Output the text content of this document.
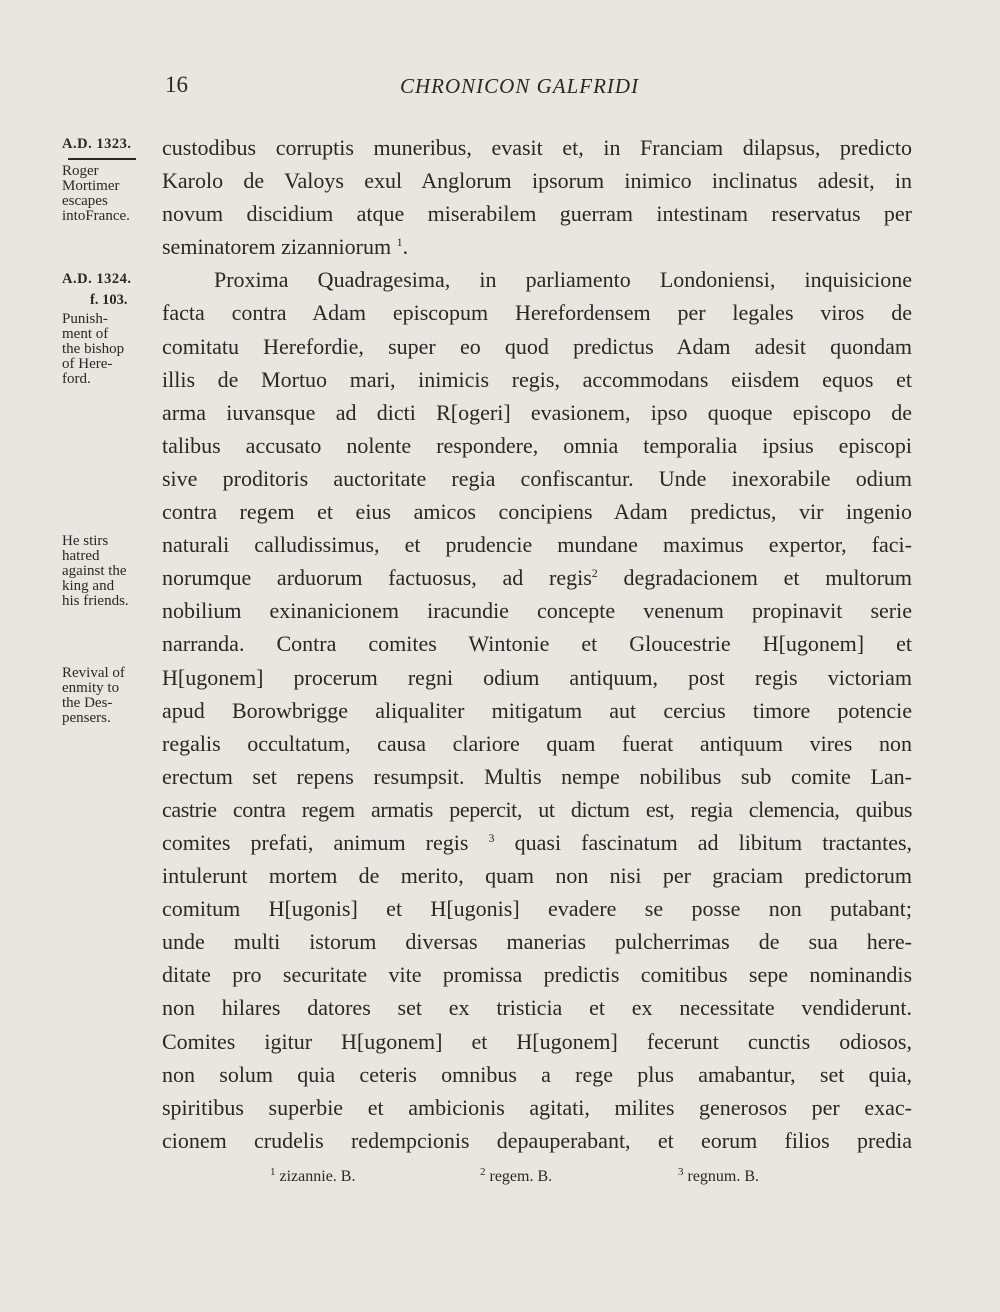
16	CHRONICON GALFRIDI
A.D. 1323.
Roger
Mortimer
escapes
intoFrance.
A.D. 1324.
f. 103.
Punish-
ment of
the bishop
of Here-
ford.
He stirs
hatred
against the
king and
his friends.
Revival of
enmity to
the Des-
pensers.
custodibus corruptis muneribus, evasit et, in Franciam dilapsus, predicto
Karolo de Valoys exul Anglorum ipsorum inimico inclinatus adesit, in
novum discidium atque miserabilem guerram intestinam reservatus per
seminatorem zizanniorum $^1$.
Proxima Quadragesima, in parliamento Londoniensi, inquisicione
facta contra Adam episcopum Herefordensem per legales viros de
comitatu Herefordie, super eo quod predictus Adam adesit quondam
illis de Mortuo mari, inimicis regis, accommodans eiisdem equos et
arma iuvansque ad dicti R[ogeri] evasionem, ipso quoque episcopo de
talibus accusato nolente respondere, omnia temporalia ipsius episcopi
sive proditoris auctoritate regia confiscantur. Unde inexorabile odium
contra regem et eius amicos concipiens Adam predictus, vir ingenio
naturali calludissimus, et prudencie mundane maximus expertor, faci-
norumque arduorum factuosus, ad regis$^2$ degradacionem et multorum
nobilium exinanicionem iracundie concepte venenum propinavit serie
narranda. Contra comites Wintonie et Gloucestrie H[ugonem] et
H[ugonem] procerum regni odium antiquum, post regis victoriam
apud Borowbrigge aliqualiter mitigatum aut cercius timore potencie
regalis occultatum, causa clariore quam fuerat antiquum vires non
erectum set repens resumpsit. Multis nempe nobilibus sub comite Lan-
castrie contra regem armatis pepercit, ut dictum est, regia clemencia, quibus
comites prefati, animum regis $^3$ quasi fascinatum ad libitum tractantes,
intulerunt mortem de merito, quam non nisi per graciam predictorum
comitum H[ugonis] et H[ugonis] evadere se posse non putabant;
unde multi istorum diversas manerias pulcherrimas de sua here-
ditate pro securitate vite promissa predictis comitibus sepe nominandis
non hilares datores set ex tristicia et ex necessitate vendiderunt.
Comites igitur H[ugonem] et H[ugonem] fecerunt cunctis odiosos,
non solum quia ceteris omnibus a rege plus amabantur, set quia,
spiritibus superbie et ambicionis agitati, milites generosos per exac-
cionem crudelis redempcionis depauperabant, et eorum filios predia
$^1$ zizannie. B.	$^2$ regem. B.	$^3$ regnum. B.
